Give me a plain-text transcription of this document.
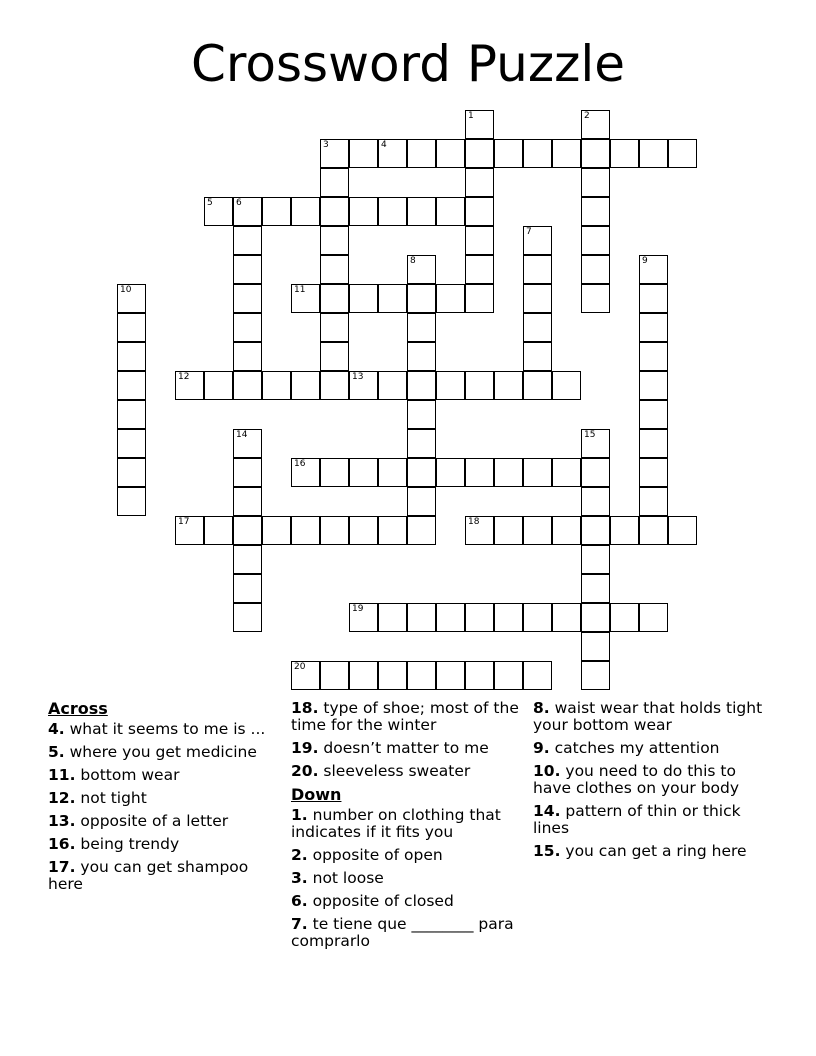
Crossword Puzzle
1	2
3	4
5	6
7
8	9
10	11
12	13
14	15
16
17	18
19
20
Across
4. what it seems to me is ...
5. where you get medicine
11. bottom wear
12. not tight
13. opposite of a letter
16. being trendy
17. you can get shampoo here
18. type of shoe; most of the time for the winter
19. doesn’t matter to me
20. sleeveless sweater
Down
1. number on clothing that indicates if it fits you
2. opposite of open
3. not loose
6. opposite of closed
7. te tiene que ________ para comprarlo
8. waist wear that holds tight your bottom wear
9. catches my attention
10. you need to do this to have clothes on your body
14. pattern of thin or thick lines
15. you can get a ring here
